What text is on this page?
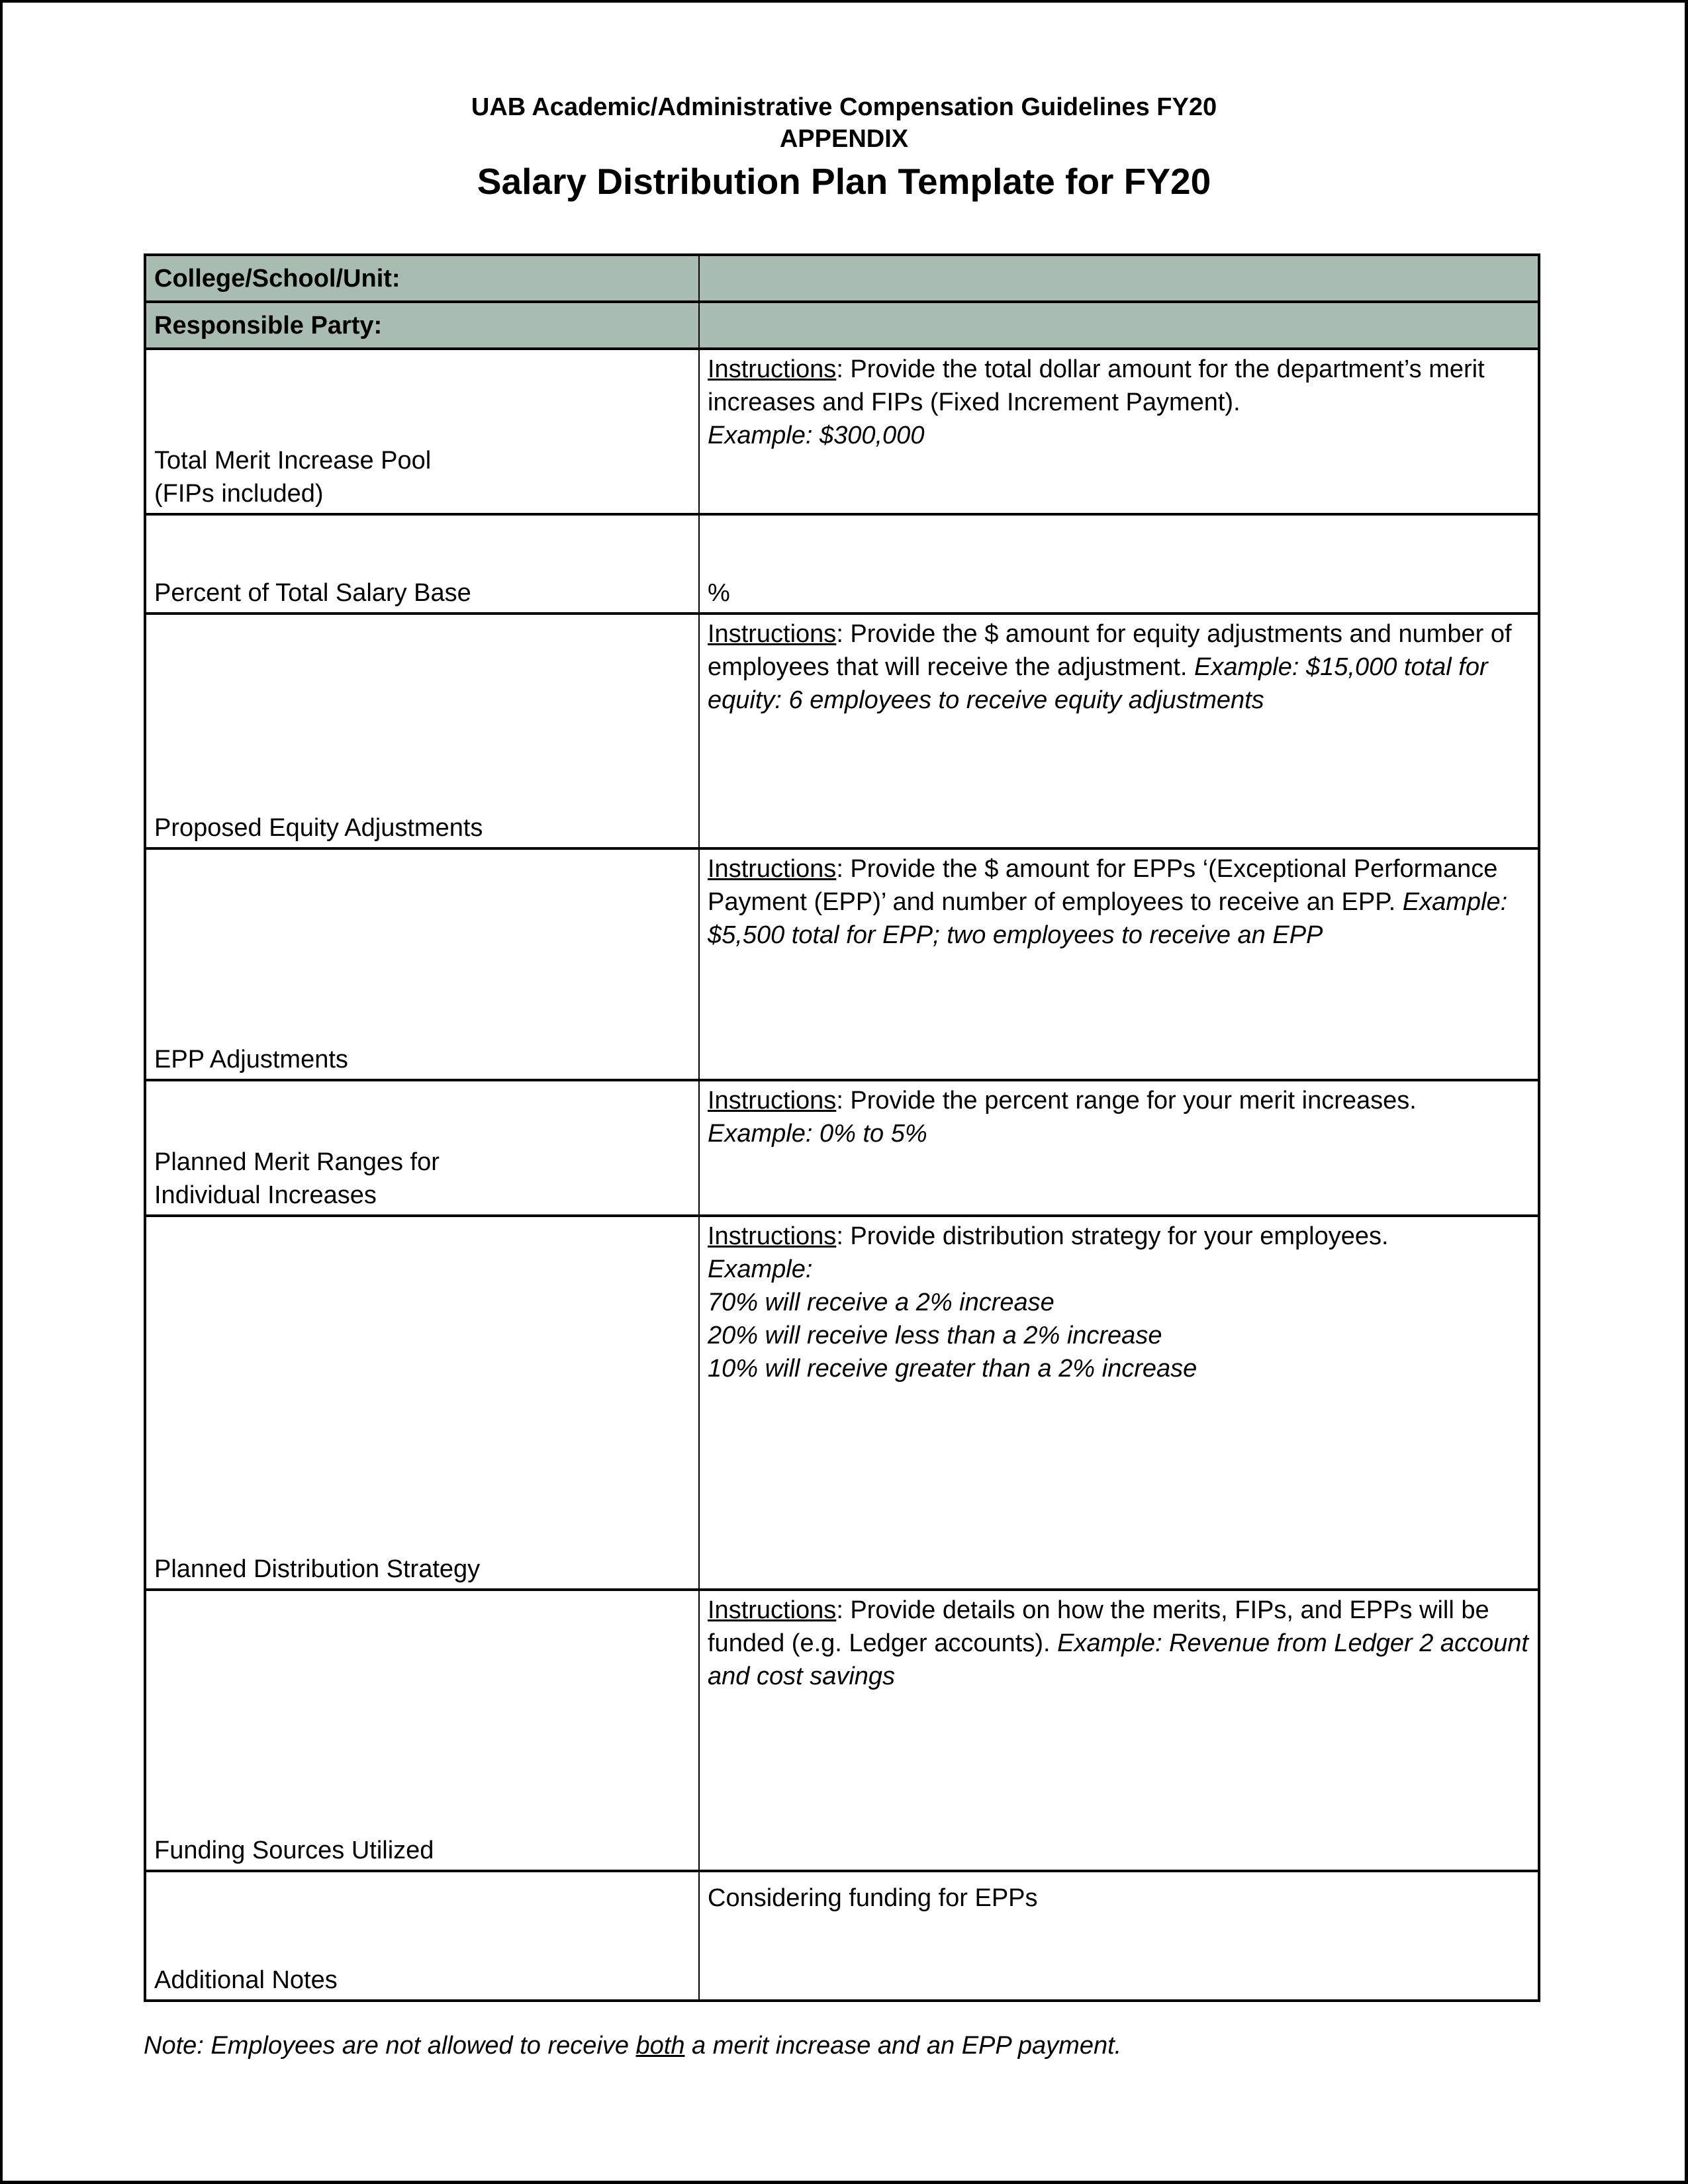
UAB Academic/Administrative Compensation Guidelines FY20
APPENDIX
Salary Distribution Plan Template for FY20
College/School/Unit:	
Responsible Party:	

Total Merit Increase Pool
(FIPs included)
	Instructions: Provide the total dollar amount for the department’s merit increases and FIPs (Fixed Increment Payment).
Example: $300,000

Percent of Total Salary Base	%

Proposed Equity Adjustments	Instructions: Provide the $ amount for equity adjustments and number of employees that will receive the adjustment. Example: $15,000 total for equity: 6 employees to receive equity adjustments

EPP Adjustments	Instructions: Provide the $ amount for EPPs ‘(Exceptional Performance Payment (EPP)’ and number of employees to receive an EPP. Example: $5,500 total for EPP; two employees to receive an EPP

Planned Merit Ranges for
Individual Increases
	Instructions: Provide the percent range for your merit increases.
Example: 0% to 5%

Planned Distribution Strategy	Instructions: Provide distribution strategy for your employees.
Example:
70% will receive a 2% increase
20% will receive less than a 2% increase
10% will receive greater than a 2% increase

Funding Sources Utilized	Instructions: Provide details on how the merits, FIPs, and EPPs will be funded (e.g. Ledger accounts). Example: Revenue from Ledger 2 account and cost savings

Additional Notes	Considering funding for EPPs
Note: Employees are not allowed to receive both a merit increase and an EPP payment.
